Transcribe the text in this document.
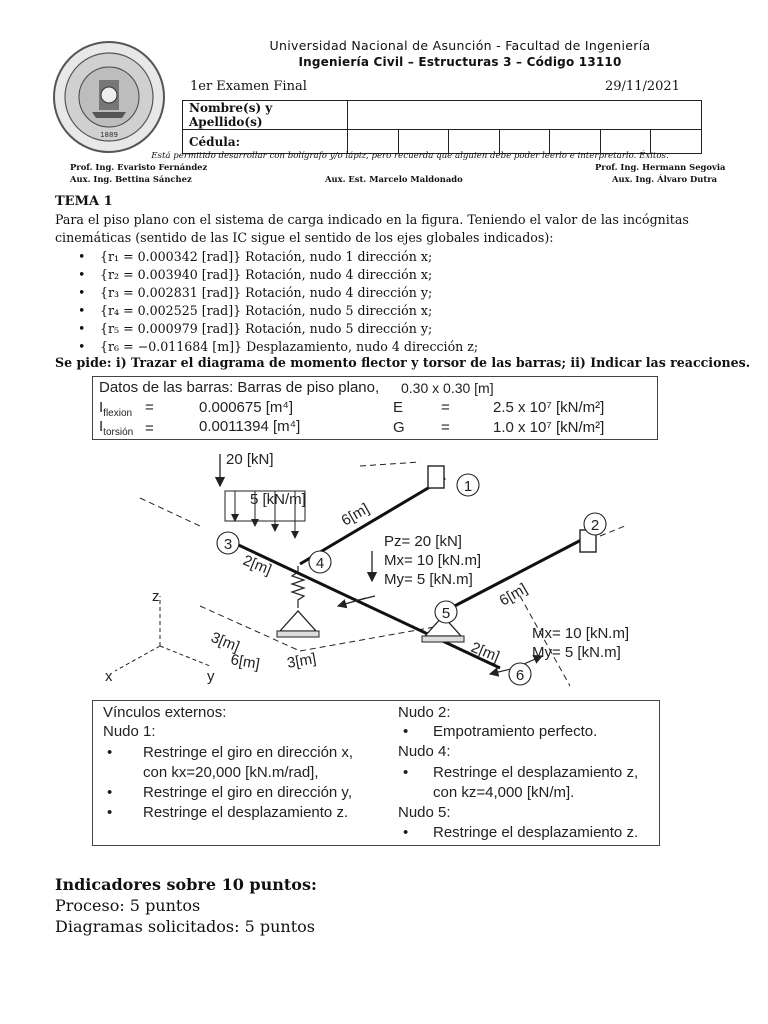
1889
Universidad Nacional de Asunción - Facultad de Ingeniería
Ingeniería Civil – Estructuras 3 – Código 13110
1er Examen Final	29/11/2021
Nombre(s) y Apellido(s)							
Cédula:							
Está permitido desarrollar con bolígrafo y/o lápiz, pero recuerda que alguien debe poder leerlo e interpretarlo. Éxitos.
Prof. Ing. Evaristo Fernández	Prof. Ing. Hermann Segovia
Aux. Ing. Bettina Sánchez	Aux. Est. Marcelo Maldonado	Aux. Ing. Álvaro Dutra
TEMA 1
Para el piso plano con el sistema de carga indicado en la figura. Teniendo el valor de las incógnitas
cinemáticas (sentido de las IC sigue el sentido de los ejes globales indicados):
• {r₁ = 0.000342 [rad]} Rotación, nudo 1 dirección x;
• {r₂ = 0.003940 [rad]} Rotación, nudo 4 dirección x;
• {r₃ = 0.002831 [rad]} Rotación, nudo 4 dirección y;
• {r₄ = 0.002525 [rad]} Rotación, nudo 5 dirección x;
• {r₅ = 0.000979 [rad]} Rotación, nudo 5 dirección y;
• {r₆ = −0.011684 [m]} Desplazamiento, nudo 4 dirección z;
Se pide: i) Trazar el diagrama de momento flector y torsor de las barras; ii) Indicar las reacciones.
Datos de las barras: Barras de piso plano, 0.30 x 0.30 [m]
$I_{flexion}$ =	0.000675 [m⁴]	E	=	2.5 x 10⁷ [kN/m²]
$I_{torsión}$ =	0.0011394 [m⁴]	G =	1.0 x 10⁷ [kN/m²]
1
2
3
4
5
6
20 [kN]
5 [kN/m]
6[m]
2[m]
6[m]
2[m]
3[m]
6[m] 3[m]
Pz= 20 [kN]
Mx= 10 [kN.m]
My= 5 [kN.m]
Mx= 10 [kN.m]
My= 5 [kN.m]
x	y
z
Vínculos externos:
Nudo 1:
• Restringe el giro en dirección x,
con kx=20,000 [kN.m/rad],
• Restringe el giro en dirección y,
• Restringe el desplazamiento z.
Nudo 2:
• Empotramiento perfecto.
Nudo 4:
• Restringe el desplazamiento z,
con kz=4,000 [kN/m].
Nudo 5:
• Restringe el desplazamiento z.
Indicadores sobre 10 puntos:
Proceso: 5 puntos
Diagramas solicitados: 5 puntos
